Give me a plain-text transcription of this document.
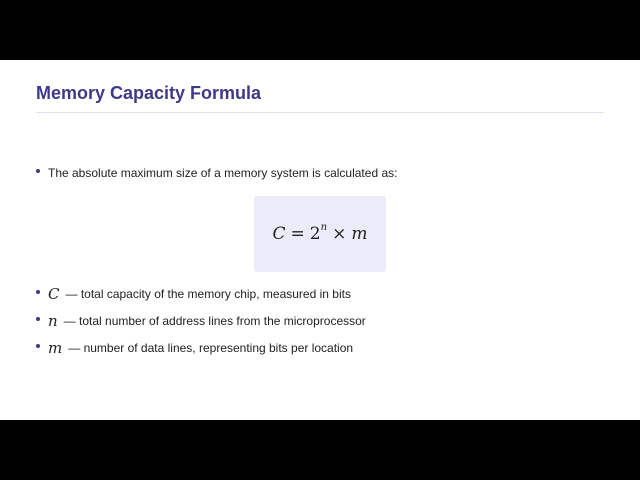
Memory Capacity Formula
The absolute maximum size of a memory system is calculated as:
$C = 2^n \times m$
C — total capacity of the memory chip, measured in bits
n — total number of address lines from the microprocessor
m — number of data lines, representing bits per location
